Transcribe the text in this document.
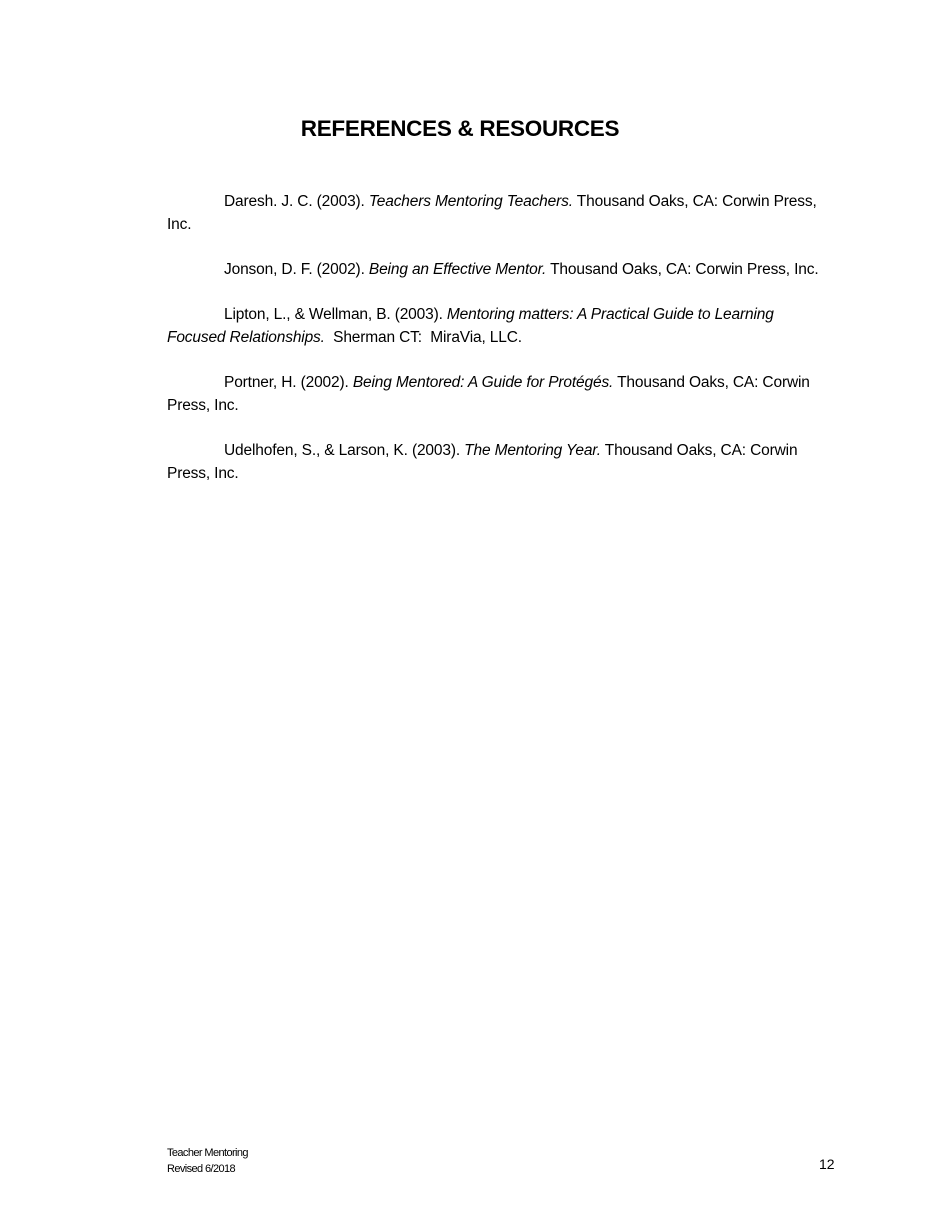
REFERENCES & RESOURCES

Daresh. J. C. (2003). Teachers Mentoring Teachers. Thousand Oaks, CA: Corwin Press, Inc.

Jonson, D. F. (2002). Being an Effective Mentor. Thousand Oaks, CA: Corwin Press, Inc.

Lipton, L., & Wellman, B. (2003). Mentoring matters: A Practical Guide to Learning Focused Relationships.  Sherman CT:  MiraVia, LLC.

Portner, H. (2002). Being Mentored: A Guide for Protégés. Thousand Oaks, CA: Corwin Press, Inc.

Udelhofen, S., & Larson, K. (2003). The Mentoring Year. Thousand Oaks, CA: Corwin Press, Inc.

Teacher Mentoring
Revised 6/2018	12
